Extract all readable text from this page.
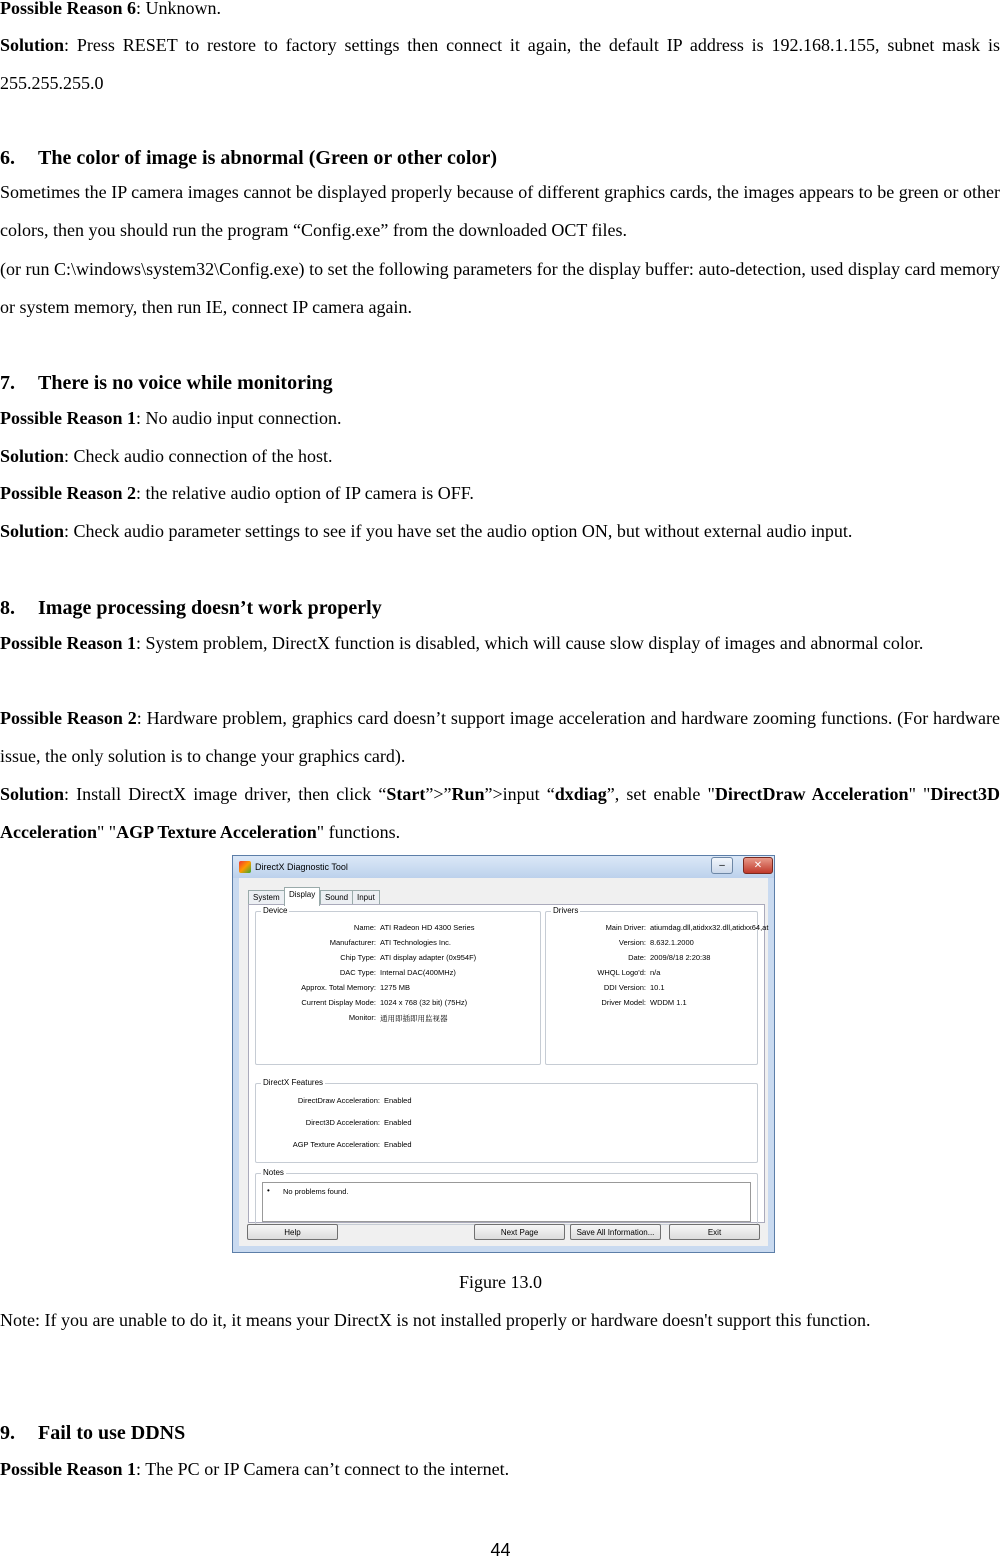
Possible Reason 6: Unknown.

Solution: Press RESET to restore to factory settings then connect it again, the default IP address is 192.168.1.155, subnet mask is 255.255.255.0

6. The color of image is abnormal (Green or other color)

Sometimes the IP camera images cannot be displayed properly because of different graphics cards, the images appears to be green or other colors, then you should run the program “Config.exe” from the downloaded OCT files.

(or run C:\windows\system32\Config.exe) to set the following parameters for the display buffer: auto-detection, used display card memory or system memory, then run IE, connect IP camera again.

7. There is no voice while monitoring

Possible Reason 1: No audio input connection.

Solution: Check audio connection of the host.

Possible Reason 2: the relative audio option of IP camera is OFF.

Solution: Check audio parameter settings to see if you have set the audio option ON, but without external audio input.

8. Image processing doesn’t work properly

Possible Reason 1: System problem, DirectX function is disabled, which will cause slow display of images and abnormal color.

Possible Reason 2: Hardware problem, graphics card doesn’t support image acceleration and hardware zooming functions. (For hardware issue, the only solution is to change your graphics card).

Solution: Install DirectX image driver, then click “Start”>”Run”>input “dxdiag”, set enable "DirectDraw Acceleration" "Direct3D Acceleration" "AGP Texture Acceleration" functions.

DirectX Diagnostic Tool	–	✕
System	Display	Sound	Input
Device
Name: ATI Radeon HD 4300 Series
Manufacturer: ATI Technologies Inc.
Chip Type: ATI display adapter (0x954F)
DAC Type: Internal DAC(400MHz)
Approx. Total Memory: 1275 MB
Current Display Mode: 1024 x 768 (32 bit) (75Hz)
Monitor: 通用即插即用监视器
Drivers
Main Driver: atiumdag.dll,atidxx32.dll,atidxx64,at
Version: 8.632.1.2000
Date: 2009/8/18 2:20:38
WHQL Logo'd: n/a
DDI Version: 10.1
Driver Model: WDDM 1.1
DirectX Features
DirectDraw Acceleration: Enabled
Direct3D Acceleration: Enabled
AGP Texture Acceleration: Enabled
Notes
• No problems found.
Help	Next Page	Save All Information...	Exit
Figure 13.0

Note: If you are unable to do it, it means your DirectX is not installed properly or hardware doesn't support this function.

9. Fail to use DDNS

Possible Reason 1: The PC or IP Camera can’t connect to the internet.

44
